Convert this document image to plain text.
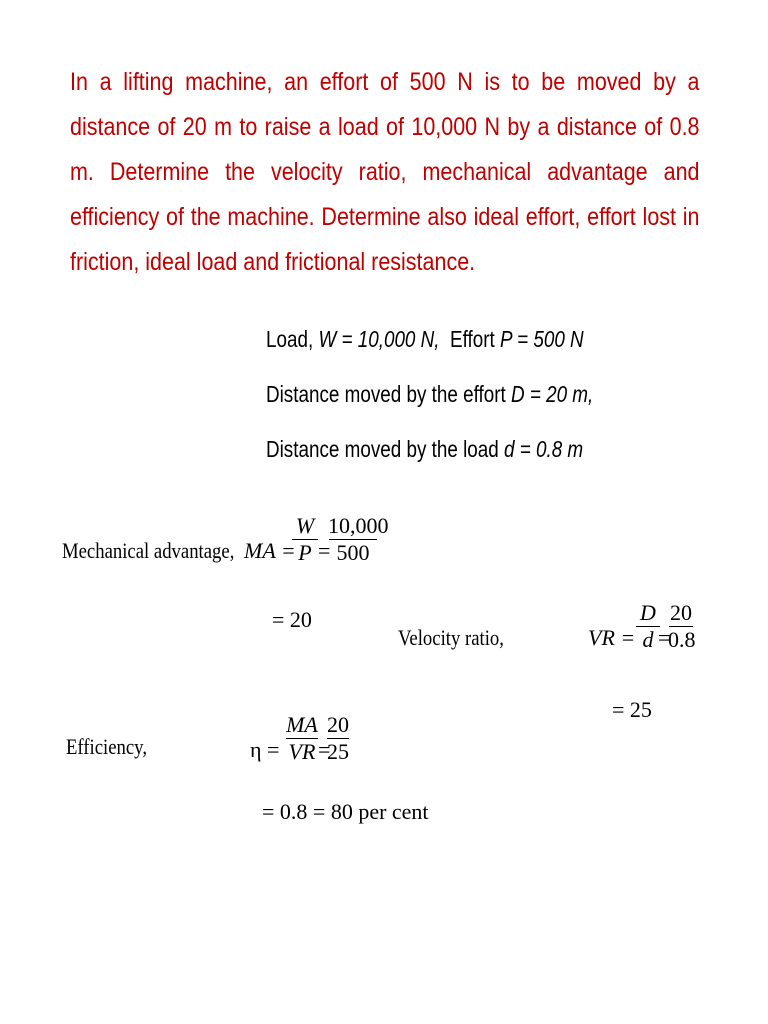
In a lifting machine, an effort of 500 N is to be moved by a distance of 20 m to raise a load of 10,000 N by a distance of 0.8 m. Determine the velocity ratio, mechanical advantage and efficiency of the machine. Determine also ideal effort, effort lost in friction, ideal load and frictional resistance.
Load, W = 10,000 N,  Effort P = 500 N
Distance moved by the effort D = 20 m,
Distance moved by the load d = 0.8 m
Mechanical advantage, MA =
W
P =
10,000
500
= 20
Velocity ratio,	VR =
D
d =
20
0.8
= 25
Efficiency,	η =
MA
VR =
20
25
= 0.8 = 80 per cent
